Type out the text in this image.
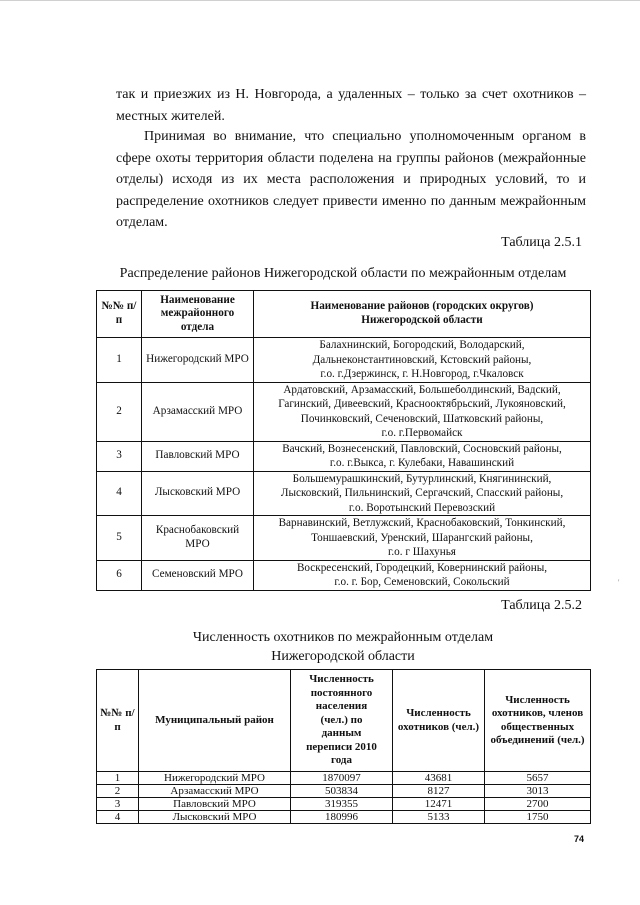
так и приезжих из Н. Новгорода, а удаленных – только за счет охотников –
местных жителей.

Принимая во внимание, что специально уполномоченным органом в
сфере охоты территория области поделена на группы районов (межрайонные
отделы) исходя из их места расположения и природных условий, то и
распределение охотников следует привести именно по данным межрайонным
отделам.

Таблица 2.5.1
Распределение районов Нижегородской области по межрайонным отделам
№№ п/п	Наименование межрайонного отдела	Наименование районов (городских округов) Нижегородской области
1	Нижегородский МРО	Балахнинский, Богородский, Володарский,
Дальнеконстантиновский, Кстовский районы,
г.о. г.Дзержинск, г. Н.Новгород, г.Чкаловск

2	Арзамасский МРО	Ардатовский, Арзамасский, Большеболдинский, Вадский,
Гагинский, Дивеевский, Краснооктябрьский, Лукояновский,
Починковский, Сеченовский, Шатковский районы,
г.о. г.Первомайск

3	Павловский МРО	Вачский, Вознесенский, Павловский, Сосновский районы,
г.о. г.Выкса, г. Кулебаки, Навашинский

4	Лысковский МРО	Большемурашкинский, Бутурлинский, Княгининский,
Лысковский, Пильнинский, Сергачский, Спасский районы,
г.о. Воротынский Перевозский

5	Краснобаковский МРО	Варнавинский, Ветлужский, Краснобаковский, Тонкинский,
Тоншаевский, Уренский, Шарангский районы,
г.о. г Шахунья

6	Семеновский МРО	Воскресенский, Городецкий, Ковернинский районы,
г.о. г. Бор, Семеновский, Сокольский	'
Таблица 2.5.2
Численность охотников по межрайонным отделам
Нижегородской области
№№ п/п	Муниципальный район	Численность постоянного населения (чел.) по данным переписи 2010 года	Численность охотников (чел.)	Численность охотников, членов общественных объединений (чел.)
1	Нижегородский МРО	1870097	43681	5657
2	Арзамасский МРО	503834	8127	3013
3	Павловский МРО	319355	12471	2700
4	Лысковский МРО	180996	5133	1750
74
